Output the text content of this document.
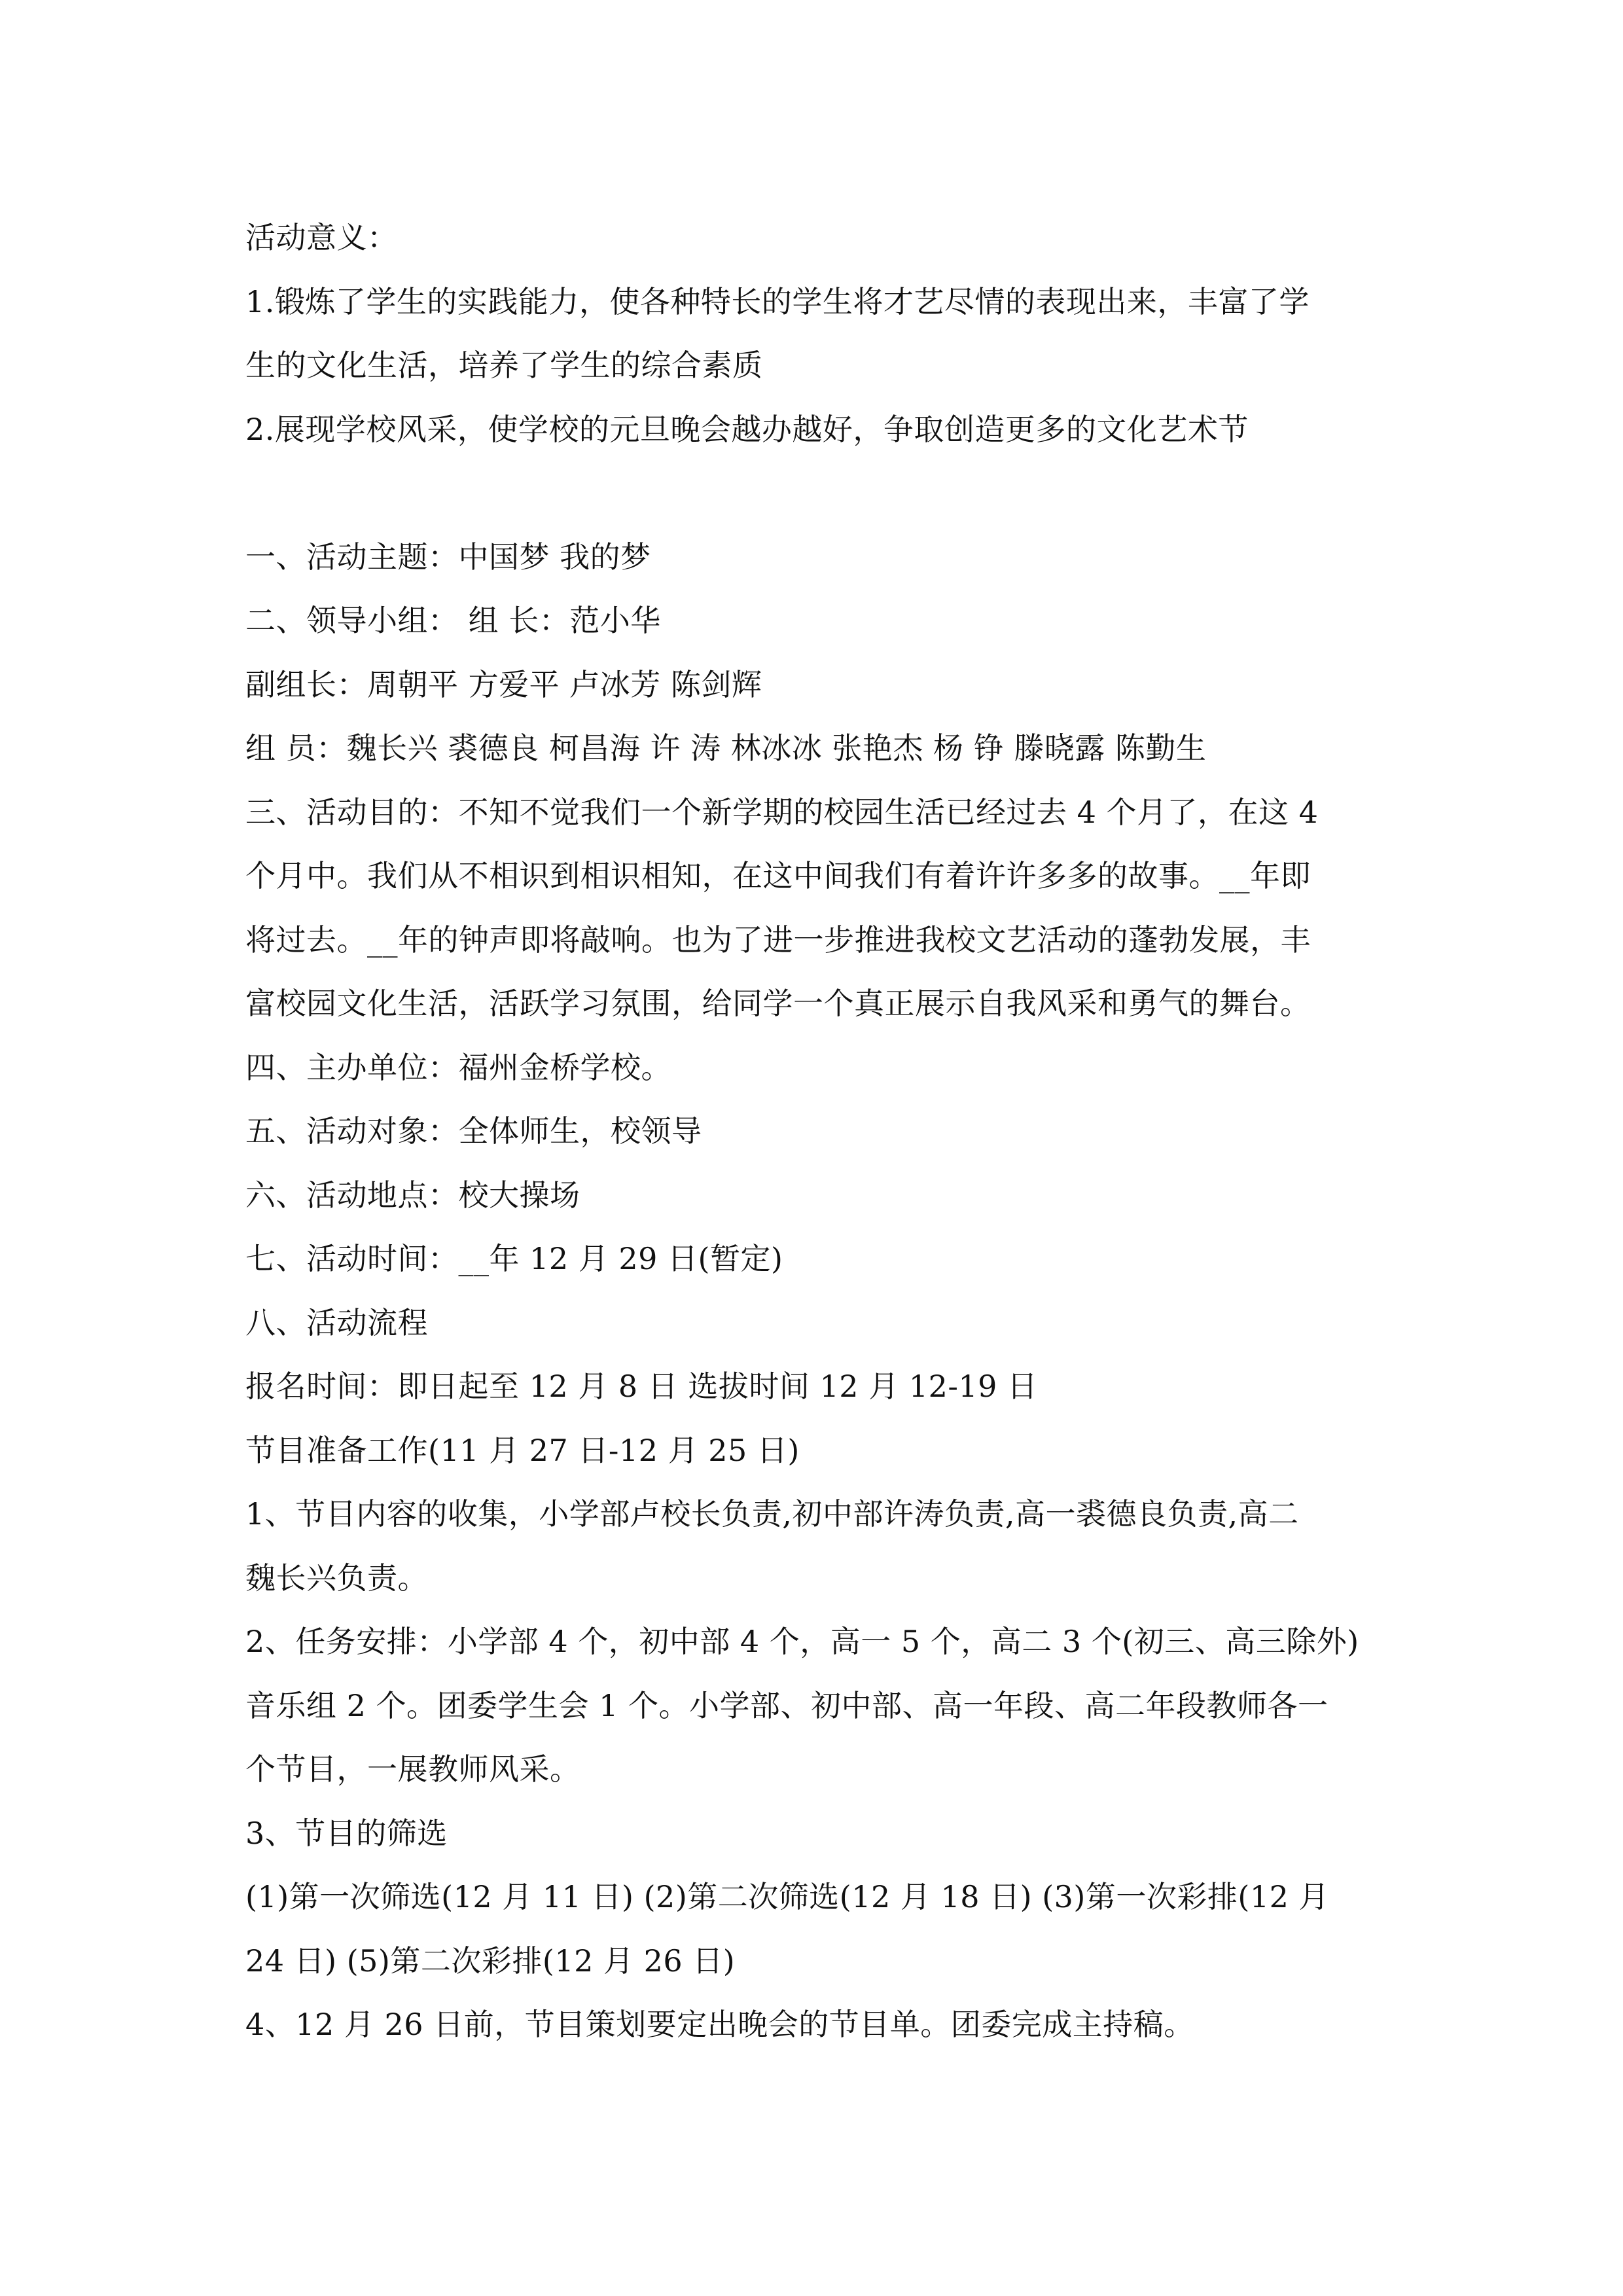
活动意义：
1.锻炼了学生的实践能力，使各种特长的学生将才艺尽情的表现出来，丰富了学
生的文化生活，培养了学生的综合素质
2.展现学校风采，使学校的元旦晚会越办越好，争取创造更多的文化艺术节
一、活动主题：中国梦 我的梦
二、领导小组： 组 长：范小华
副组长：周朝平 方爱平 卢冰芳 陈剑辉
组 员：魏长兴 裘德良 柯昌海 许 涛 林冰冰 张艳杰 杨 铮 滕晓露 陈勤生
三、活动目的：不知不觉我们一个新学期的校园生活已经过去 4 个月了，在这 4
个月中。我们从不相识到相识相知，在这中间我们有着许许多多的故事。__年即
将过去。__年的钟声即将敲响。也为了进一步推进我校文艺活动的蓬勃发展，丰
富校园文化生活，活跃学习氛围，给同学一个真正展示自我风采和勇气的舞台。
四、主办单位：福州金桥学校。
五、活动对象：全体师生，校领导
六、活动地点：校大操场
七、活动时间：__年 12 月 29 日(暂定)
八、活动流程
报名时间：即日起至 12 月 8 日 选拔时间 12 月 12-19 日
节目准备工作(11 月 27 日-12 月 25 日)
1、节目内容的收集，小学部卢校长负责,初中部许涛负责,高一裘德良负责,高二
魏长兴负责。
2、任务安排：小学部 4 个，初中部 4 个，高一 5 个，高二 3 个(初三、高三除外)
音乐组 2 个。团委学生会 1 个。小学部、初中部、高一年段、高二年段教师各一
个节目，一展教师风采。
3、节目的筛选
(1)第一次筛选(12 月 11 日) (2)第二次筛选(12 月 18 日) (3)第一次彩排(12 月
24 日) (5)第二次彩排(12 月 26 日)
4、12 月 26 日前，节目策划要定出晚会的节目单。团委完成主持稿。
